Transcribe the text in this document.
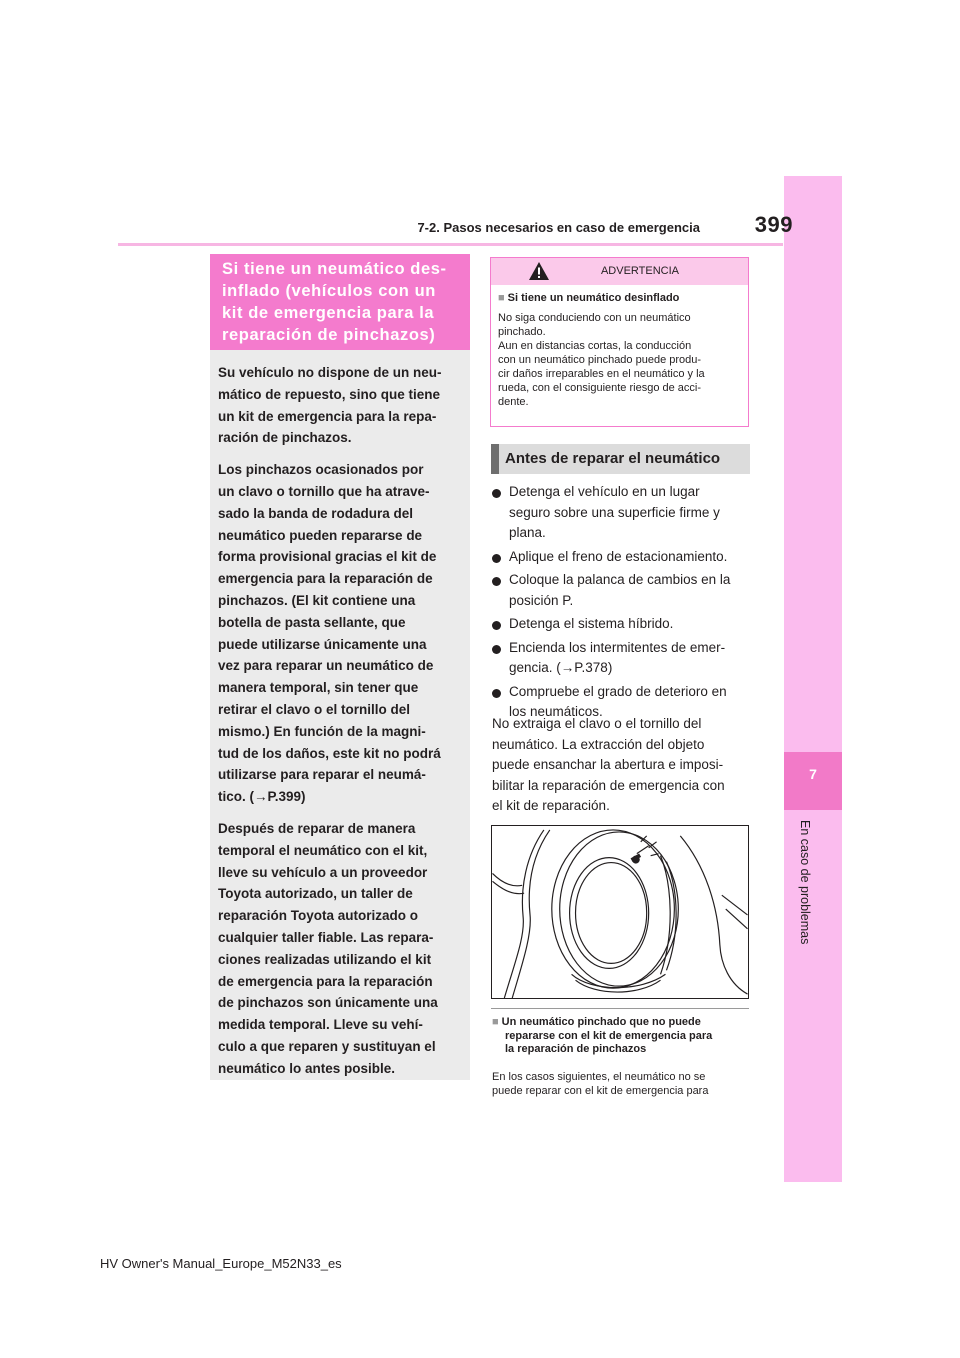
7
En caso de problemas
7-2. Pasos necesarios en caso de emergencia	399
Si tiene un neumático des-
inflado (vehículos con un
kit de emergencia para la
reparación de pinchazos)

Su vehículo no dispone de un neu-
mático de repuesto, sino que tiene
un kit de emergencia para la repa-
ración de pinchazos.

Los pinchazos ocasionados por
un clavo o tornillo que ha atrave-
sado la banda de rodadura del
neumático pueden repararse de
forma provisional gracias el kit de
emergencia para la reparación de
pinchazos. (El kit contiene una
botella de pasta sellante, que
puede utilizarse únicamente una
vez para reparar un neumático de
manera temporal, sin tener que
retirar el clavo o el tornillo del
mismo.) En función de la magni-
tud de los daños, este kit no podrá
utilizarse para reparar el neumá-
tico. (→P.399)

Después de reparar de manera
temporal el neumático con el kit,
lleve su vehículo a un proveedor
Toyota autorizado, un taller de
reparación Toyota autorizado o
cualquier taller fiable. Las repara-
ciones realizadas utilizando el kit
de emergencia para la reparación
de pinchazos son únicamente una
medida temporal. Lleve su vehí-
culo a que reparen y sustituyan el
neumático lo antes posible.

ADVERTENCIA
■ Si tiene un neumático desinflado
No siga conduciendo con un neumático
pinchado.
Aun en distancias cortas, la conducción
con un neumático pinchado puede produ-
cir daños irreparables en el neumático y la
rueda, con el consiguiente riesgo de acci-
dente.
Antes de reparar el neumático
Detenga el vehículo en un lugar
seguro sobre una superficie firme y
plana.
Aplique el freno de estacionamiento.
Coloque la palanca de cambios en la
posición P.
Detenga el sistema híbrido.
Encienda los intermitentes de emer-
gencia. (→P.378)
Compruebe el grado de deterioro en
los neumáticos.
No extraiga el clavo o el tornillo del
neumático. La extracción del objeto
puede ensanchar la abertura e imposi-
bilitar la reparación de emergencia con
el kit de reparación.
■ Un neumático pinchado que no puede
repararse con el kit de emergencia para
la reparación de pinchazos
En los casos siguientes, el neumático no se
puede reparar con el kit de emergencia para
HV Owner's Manual_Europe_M52N33_es
